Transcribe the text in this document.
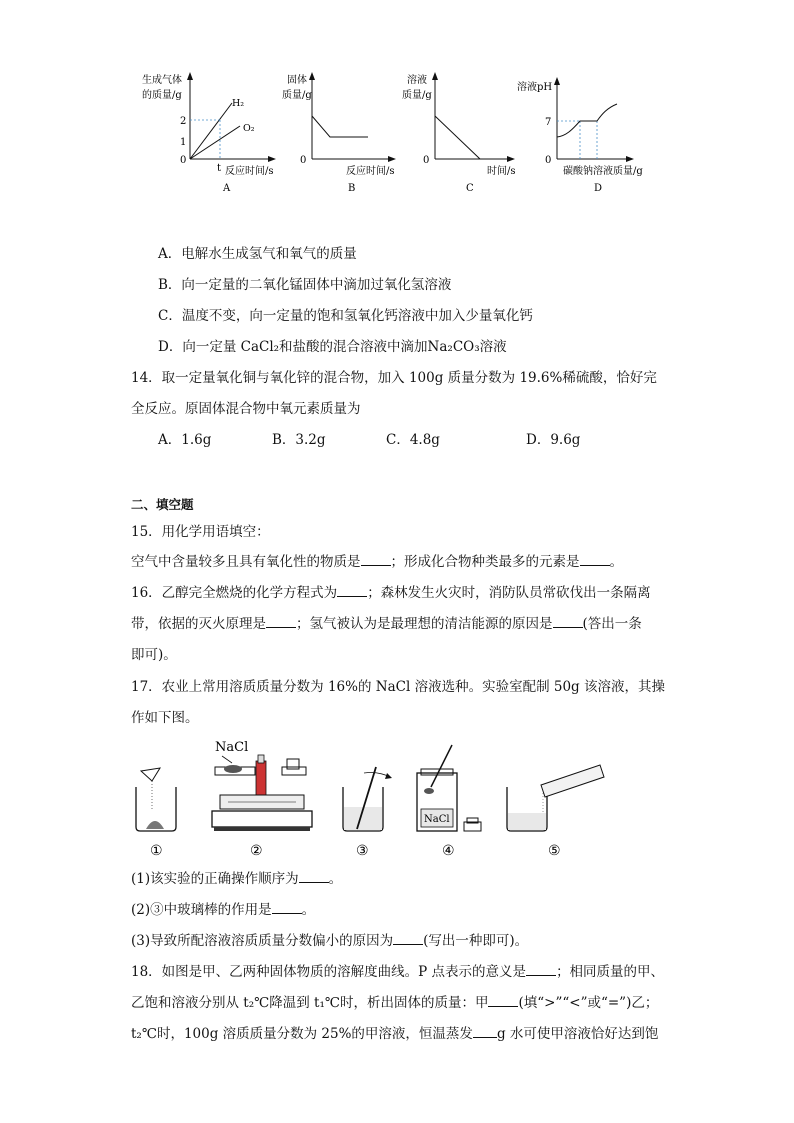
生成气体
的质量/g
2
1
0
H₂
O₂
t 反应时间/s
A
固体
质量/g
0
反应时间/s
B
溶液
质量/g
0
时间/s
C
溶液pH
7
0
碳酸钠溶液质量/g
D
A．电解水生成氢气和氧气的质量
B．向一定量的二氧化锰固体中滴加过氧化氢溶液
C．温度不变，向一定量的饱和氢氧化钙溶液中加入少量氧化钙
D．向一定量 CaCl₂和盐酸的混合溶液中滴加Na₂CO₃溶液
14．取一定量氧化铜与氧化锌的混合物，加入 100g 质量分数为 19.6%稀硫酸，恰好完
全反应。原固体混合物中氧元素质量为
A．1.6g	B．3.2g	C．4.8g	D．9.6g
二、填空题
15．用化学用语填空：
空气中含量较多且具有氧化性的物质是 ；形成化合物种类最多的元素是 。
16．乙醇完全燃烧的化学方程式为 ；森林发生火灾时，消防队员常砍伐出一条隔离
带，依据的灭火原理是 ；氢气被认为是最理想的清洁能源的原因是 (答出一条
即可)。
17．农业上常用溶质质量分数为 16%的 NaCl 溶液选种。实验室配制 50g 该溶液，其操
作如下图。
NaCl
NaCl
①	②	③	④	⑤
(1)该实验的正确操作顺序为 。
(2)③中玻璃棒的作用是 。
(3)导致所配溶液溶质质量分数偏小的原因为 (写出一种即可)。
18．如图是甲、乙两种固体物质的溶解度曲线。P 点表示的意义是 ；相同质量的甲、
乙饱和溶液分别从 t₂℃降温到 t₁℃时，析出固体的质量：甲 (填“>”“<”或“=”)乙；
t₂℃时，100g 溶质质量分数为 25%的甲溶液，恒温蒸发 g 水可使甲溶液恰好达到饱
